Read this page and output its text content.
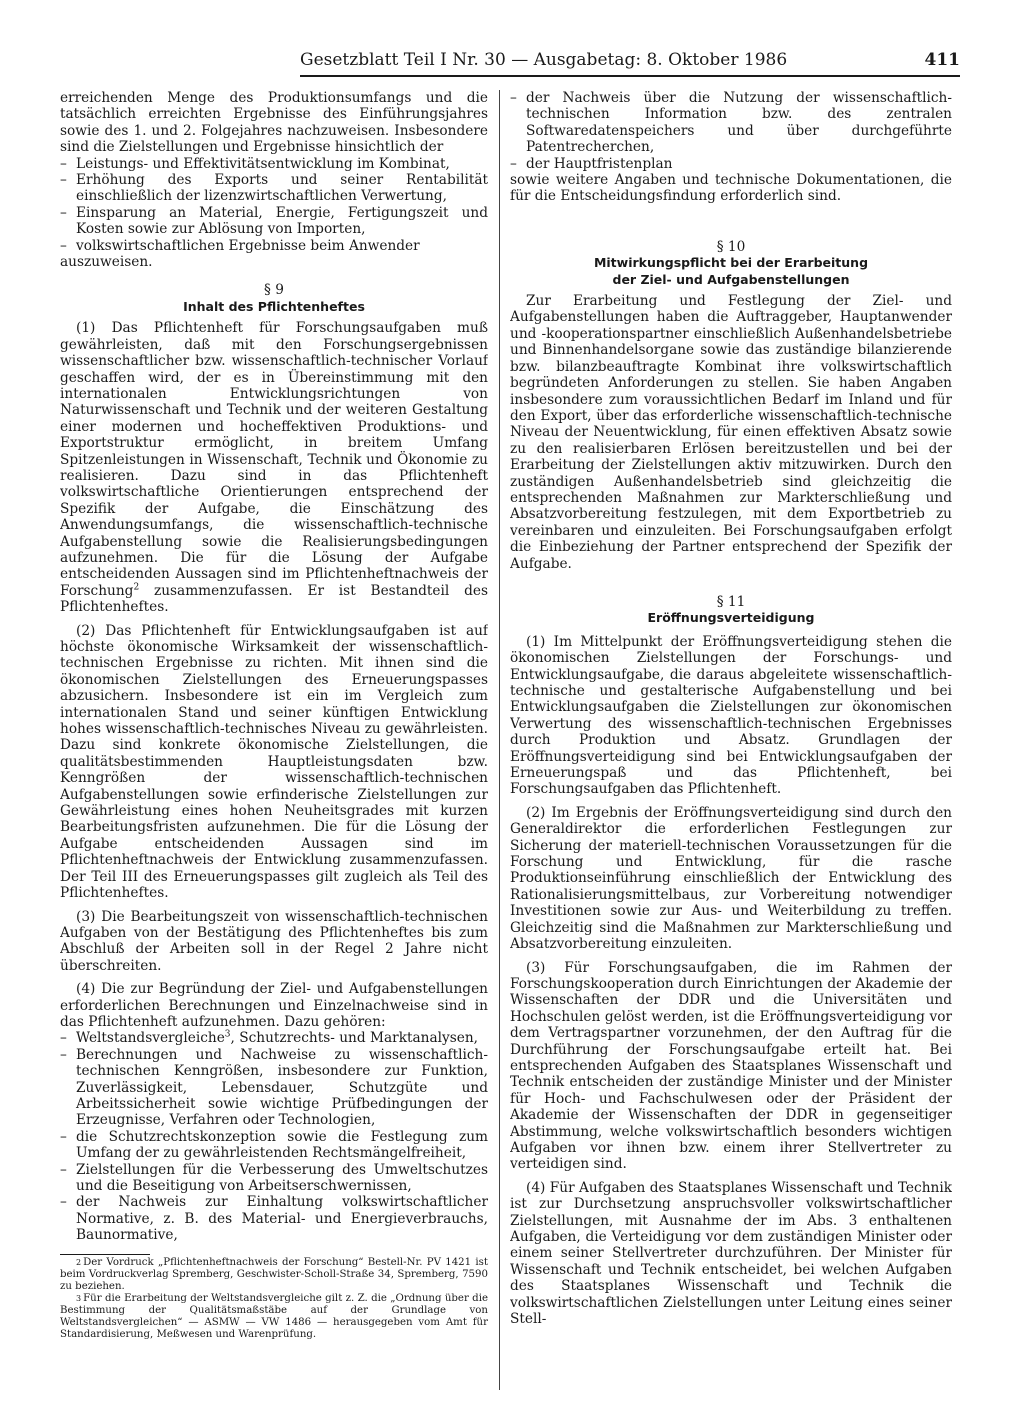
Gesetzblatt Teil I Nr. 30 — Ausgabetag: 8. Oktober 1986	411

erreichenden Menge des Produktionsumfangs und die tatsächlich erreichten Ergebnisse des Einführungsjahres sowie des 1. und 2. Folgejahres nachzuweisen. Insbesondere sind die Zielstellungen und Ergebnisse hinsichtlich der

– Leistungs- und Effektivitätsentwicklung im Kombinat,

– Erhöhung des Exports und seiner Rentabilität einschließlich der lizenzwirtschaftlichen Verwertung,

– Einsparung an Material, Energie, Fertigungszeit und Kosten sowie zur Ablösung von Importen,

– volkswirtschaftlichen Ergebnisse beim Anwender

auszuweisen.

§ 9
Inhalt des Pflichtenheftes

(1) Das Pflichtenheft für Forschungsaufgaben muß gewährleisten, daß mit den Forschungsergebnissen wissenschaftlicher bzw. wissenschaftlich-technischer Vorlauf geschaffen wird, der es in Übereinstimmung mit den internationalen Entwicklungsrichtungen von Naturwissenschaft und Technik und der weiteren Gestaltung einer modernen und hocheffektiven Produktions- und Exportstruktur ermöglicht, in breitem Umfang Spitzenleistungen in Wissenschaft, Technik und Ökonomie zu realisieren. Dazu sind in das Pflichtenheft volkswirtschaftliche Orientierungen entsprechend der Spezifik der Aufgabe, die Einschätzung des Anwendungsumfangs, die wissenschaftlich-technische Aufgabenstellung sowie die Realisierungsbedingungen aufzunehmen. Die für die Lösung der Aufgabe entscheidenden Aussagen sind im Pflichtenheftnachweis der Forschung$^2$ zusammenzufassen. Er ist Bestandteil des Pflichtenheftes.

(2) Das Pflichtenheft für Entwicklungsaufgaben ist auf höchste ökonomische Wirksamkeit der wissenschaftlich-technischen Ergebnisse zu richten. Mit ihnen sind die ökonomischen Zielstellungen des Erneuerungspasses abzusichern. Insbesondere ist ein im Vergleich zum internationalen Stand und seiner künftigen Entwicklung hohes wissenschaftlich-technisches Niveau zu gewährleisten. Dazu sind konkrete ökonomische Zielstellungen, die qualitätsbestimmenden Hauptleistungsdaten bzw. Kenngrößen der wissenschaftlich-technischen Aufgabenstellungen sowie erfinderische Zielstellungen zur Gewährleistung eines hohen Neuheitsgrades mit kurzen Bearbeitungsfristen aufzunehmen. Die für die Lösung der Aufgabe entscheidenden Aussagen sind im Pflichtenheftnachweis der Entwicklung zusammenzufassen. Der Teil III des Erneuerungspasses gilt zugleich als Teil des Pflichtenheftes.

(3) Die Bearbeitungszeit von wissenschaftlich-technischen Aufgaben von der Bestätigung des Pflichtenheftes bis zum Abschluß der Arbeiten soll in der Regel 2 Jahre nicht überschreiten.

(4) Die zur Begründung der Ziel- und Aufgabenstellungen erforderlichen Berechnungen und Einzelnachweise sind in das Pflichtenheft aufzunehmen. Dazu gehören:

– Weltstandsvergleiche$^3$, Schutzrechts- und Marktanalysen,

– Berechnungen und Nachweise zu wissenschaftlich-technischen Kenngrößen, insbesondere zur Funktion, Zuverlässigkeit, Lebensdauer, Schutzgüte und Arbeitssicherheit sowie wichtige Prüfbedingungen der Erzeugnisse, Verfahren oder Technologien,

– die Schutzrechtskonzeption sowie die Festlegung zum Umfang der zu gewährleistenden Rechtsmängelfreiheit,

– Zielstellungen für die Verbesserung des Umweltschutzes und die Beseitigung von Arbeitserschwernissen,

– der Nachweis zur Einhaltung volkswirtschaftlicher Normative, z. B. des Material- und Energieverbrauchs, Baunormative,

$^2$ Der Vordruck „Pflichtenheftnachweis der Forschung“ Bestell-Nr. PV 1421 ist beim Vordruckverlag Spremberg, Geschwister-Scholl-Straße 34, Spremberg, 7590 zu beziehen.

$^3$ Für die Erarbeitung der Weltstandsvergleiche gilt z. Z. die „Ordnung über die Bestimmung der Qualitätsmaßstäbe auf der Grundlage von Weltstandsvergleichen“ — ASMW — VW 1486 — herausgegeben vom Amt für Standardisierung, Meßwesen und Warenprüfung.

– der Nachweis über die Nutzung der wissenschaftlich-technischen Information bzw. des zentralen Softwaredatenspeichers und über durchgeführte Patentrecherchen,

– der Hauptfristenplan

sowie weitere Angaben und technische Dokumentationen, die für die Entscheidungsfindung erforderlich sind.

§ 10
Mitwirkungspflicht bei der Erarbeitung
der Ziel- und Aufgabenstellungen

Zur Erarbeitung und Festlegung der Ziel- und Aufgabenstellungen haben die Auftraggeber, Hauptanwender und -kooperationspartner einschließlich Außenhandelsbetriebe und Binnenhandelsorgane sowie das zuständige bilanzierende bzw. bilanzbeauftragte Kombinat ihre volkswirtschaftlich begründeten Anforderungen zu stellen. Sie haben Angaben insbesondere zum voraussichtlichen Bedarf im Inland und für den Export, über das erforderliche wissenschaftlich-technische Niveau der Neuentwicklung, für einen effektiven Absatz sowie zu den realisierbaren Erlösen bereitzustellen und bei der Erarbeitung der Zielstellungen aktiv mitzuwirken. Durch den zuständigen Außenhandelsbetrieb sind gleichzeitig die entsprechenden Maßnahmen zur Markterschließung und Absatzvorbereitung festzulegen, mit dem Exportbetrieb zu vereinbaren und einzuleiten. Bei Forschungsaufgaben erfolgt die Einbeziehung der Partner entsprechend der Spezifik der Aufgabe.

§ 11
Eröffnungsverteidigung

(1) Im Mittelpunkt der Eröffnungsverteidigung stehen die ökonomischen Zielstellungen der Forschungs- und Entwicklungsaufgabe, die daraus abgeleitete wissenschaftlich-technische und gestalterische Aufgabenstellung und bei Entwicklungsaufgaben die Zielstellungen zur ökonomischen Verwertung des wissenschaftlich-technischen Ergebnisses durch Produktion und Absatz. Grundlagen der Eröffnungsverteidigung sind bei Entwicklungsaufgaben der Erneuerungspaß und das Pflichtenheft, bei Forschungsaufgaben das Pflichtenheft.

(2) Im Ergebnis der Eröffnungsverteidigung sind durch den Generaldirektor die erforderlichen Festlegungen zur Sicherung der materiell-technischen Voraussetzungen für die Forschung und Entwicklung, für die rasche Produktionseinführung einschließlich der Entwicklung des Rationalisierungsmittelbaus, zur Vorbereitung notwendiger Investitionen sowie zur Aus- und Weiterbildung zu treffen. Gleichzeitig sind die Maßnahmen zur Markterschließung und Absatzvorbereitung einzuleiten.

(3) Für Forschungsaufgaben, die im Rahmen der Forschungskooperation durch Einrichtungen der Akademie der Wissenschaften der DDR und die Universitäten und Hochschulen gelöst werden, ist die Eröffnungsverteidigung vor dem Vertragspartner vorzunehmen, der den Auftrag für die Durchführung der Forschungsaufgabe erteilt hat. Bei entsprechenden Aufgaben des Staatsplanes Wissenschaft und Technik entscheiden der zuständige Minister und der Minister für Hoch- und Fachschulwesen oder der Präsident der Akademie der Wissenschaften der DDR in gegenseitiger Abstimmung, welche volkswirtschaftlich besonders wichtigen Aufgaben vor ihnen bzw. einem ihrer Stellvertreter zu verteidigen sind.

(4) Für Aufgaben des Staatsplanes Wissenschaft und Technik ist zur Durchsetzung anspruchsvoller volkswirtschaftlicher Zielstellungen, mit Ausnahme der im Abs. 3 enthaltenen Aufgaben, die Verteidigung vor dem zuständigen Minister oder einem seiner Stellvertreter durchzuführen. Der Minister für Wissenschaft und Technik entscheidet, bei welchen Aufgaben des Staatsplanes Wissenschaft und Technik die volkswirtschaftlichen Zielstellungen unter Leitung eines seiner Stell-
